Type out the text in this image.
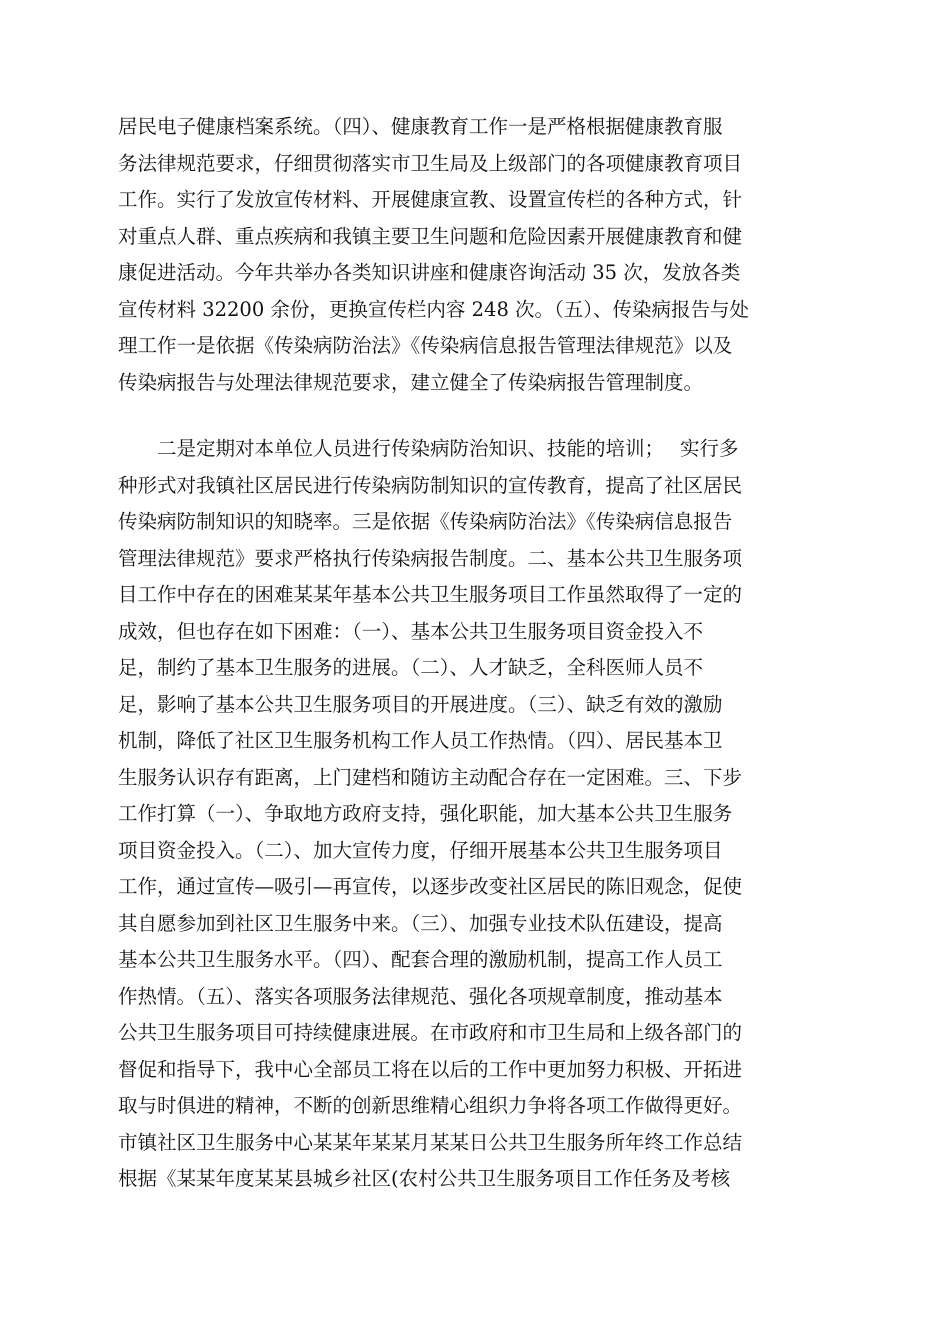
居民电子健康档案系统。（四）、健康教育工作一是严格根据健康教育服
务法律规范要求，仔细贯彻落实市卫生局及上级部门的各项健康教育项目
工作。实行了发放宣传材料、开展健康宣教、设置宣传栏的各种方式，针
对重点人群、重点疾病和我镇主要卫生问题和危险因素开展健康教育和健
康促进活动。今年共举办各类知识讲座和健康咨询活动 35 次，发放各类
宣传材料 32200 余份，更换宣传栏内容 248 次。（五）、传染病报告与处
理工作一是依据《传染病防治法》《传染病信息报告管理法律规范》以及
传染病报告与处理法律规范要求，建立健全了传染病报告管理制度。
　　二是定期对本单位人员进行传染病防治知识、技能的培训；　 实行多
种形式对我镇社区居民进行传染病防制知识的宣传教育，提高了社区居民
传染病防制知识的知晓率。三是依据《传染病防治法》《传染病信息报告
管理法律规范》要求严格执行传染病报告制度。二、基本公共卫生服务项
目工作中存在的困难某某年基本公共卫生服务项目工作虽然取得了一定的
成效，但也存在如下困难：（一）、基本公共卫生服务项目资金投入不
足，制约了基本卫生服务的进展。（二）、人才缺乏，全科医师人员不
足，影响了基本公共卫生服务项目的开展进度。（三）、缺乏有效的激励
机制，降低了社区卫生服务机构工作人员工作热情。（四）、居民基本卫
生服务认识存有距离，上门建档和随访主动配合存在一定困难。三、下步
工作打算（一）、争取地方政府支持，强化职能，加大基本公共卫生服务
项目资金投入。（二）、加大宣传力度，仔细开展基本公共卫生服务项目
工作，通过宣传—吸引—再宣传，以逐步改变社区居民的陈旧观念，促使
其自愿参加到社区卫生服务中来。（三）、加强专业技术队伍建设，提高
基本公共卫生服务水平。（四）、配套合理的激励机制，提高工作人员工
作热情。（五）、落实各项服务法律规范、强化各项规章制度，推动基本
公共卫生服务项目可持续健康进展。在市政府和市卫生局和上级各部门的
督促和指导下，我中心全部员工将在以后的工作中更加努力积极、开拓进
取与时俱进的精神，不断的创新思维精心组织力争将各项工作做得更好。
市镇社区卫生服务中心某某年某某月某某日公共卫生服务所年终工作总结
根据《某某年度某某县城乡社区(农村公共卫生服务项目工作任务及考核
